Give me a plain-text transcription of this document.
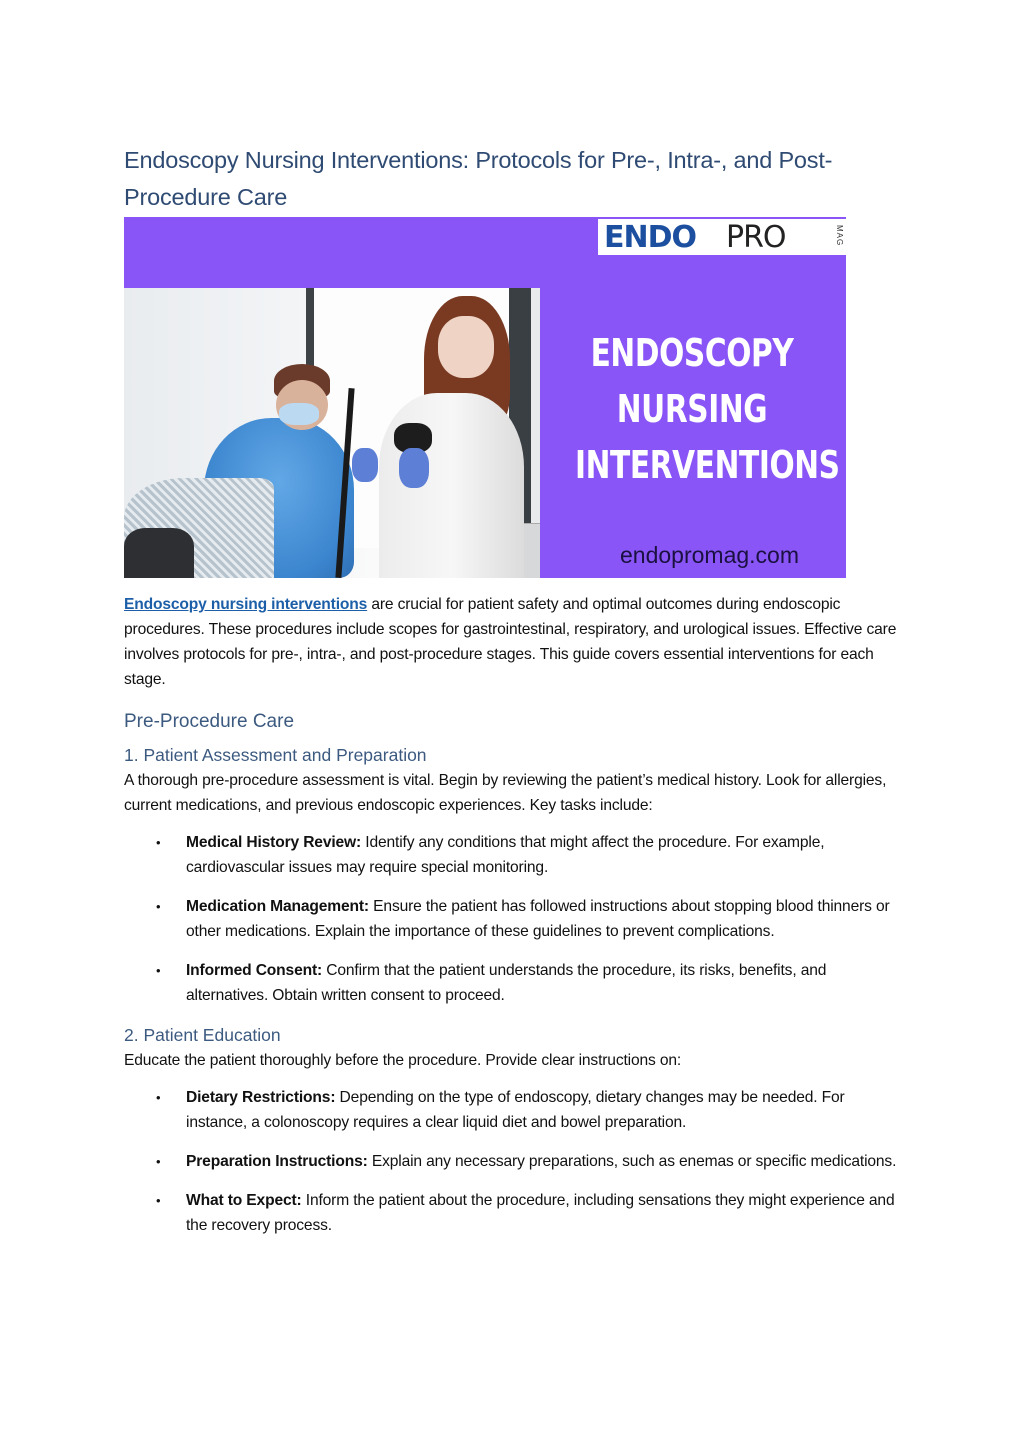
Endoscopy Nursing Interventions: Protocols for Pre-, Intra-, and Post-Procedure Care
ENDO PRO	MAG
ENDOSCOPY
NURSING
INTERVENTIONS
endopromag.com

Endoscopy nursing interventions are crucial for patient safety and optimal outcomes during endoscopic procedures. These procedures include scopes for gastrointestinal, respiratory, and urological issues. Effective care involves protocols for pre-, intra-, and post-procedure stages. This guide covers essential interventions for each stage.

Pre-Procedure Care
1. Patient Assessment and Preparation

A thorough pre-procedure assessment is vital. Begin by reviewing the patient’s medical history. Look for allergies, current medications, and previous endoscopic experiences. Key tasks include:

• Medical History Review: Identify any conditions that might affect the procedure. For example, cardiovascular issues may require special monitoring.
• Medication Management: Ensure the patient has followed instructions about stopping blood thinners or other medications. Explain the importance of these guidelines to prevent complications.
• Informed Consent: Confirm that the patient understands the procedure, its risks, benefits, and alternatives. Obtain written consent to proceed.
2. Patient Education

Educate the patient thoroughly before the procedure. Provide clear instructions on:

• Dietary Restrictions: Depending on the type of endoscopy, dietary changes may be needed. For instance, a colonoscopy requires a clear liquid diet and bowel preparation.
• Preparation Instructions: Explain any necessary preparations, such as enemas or specific medications.
• What to Expect: Inform the patient about the procedure, including sensations they might experience and the recovery process.
